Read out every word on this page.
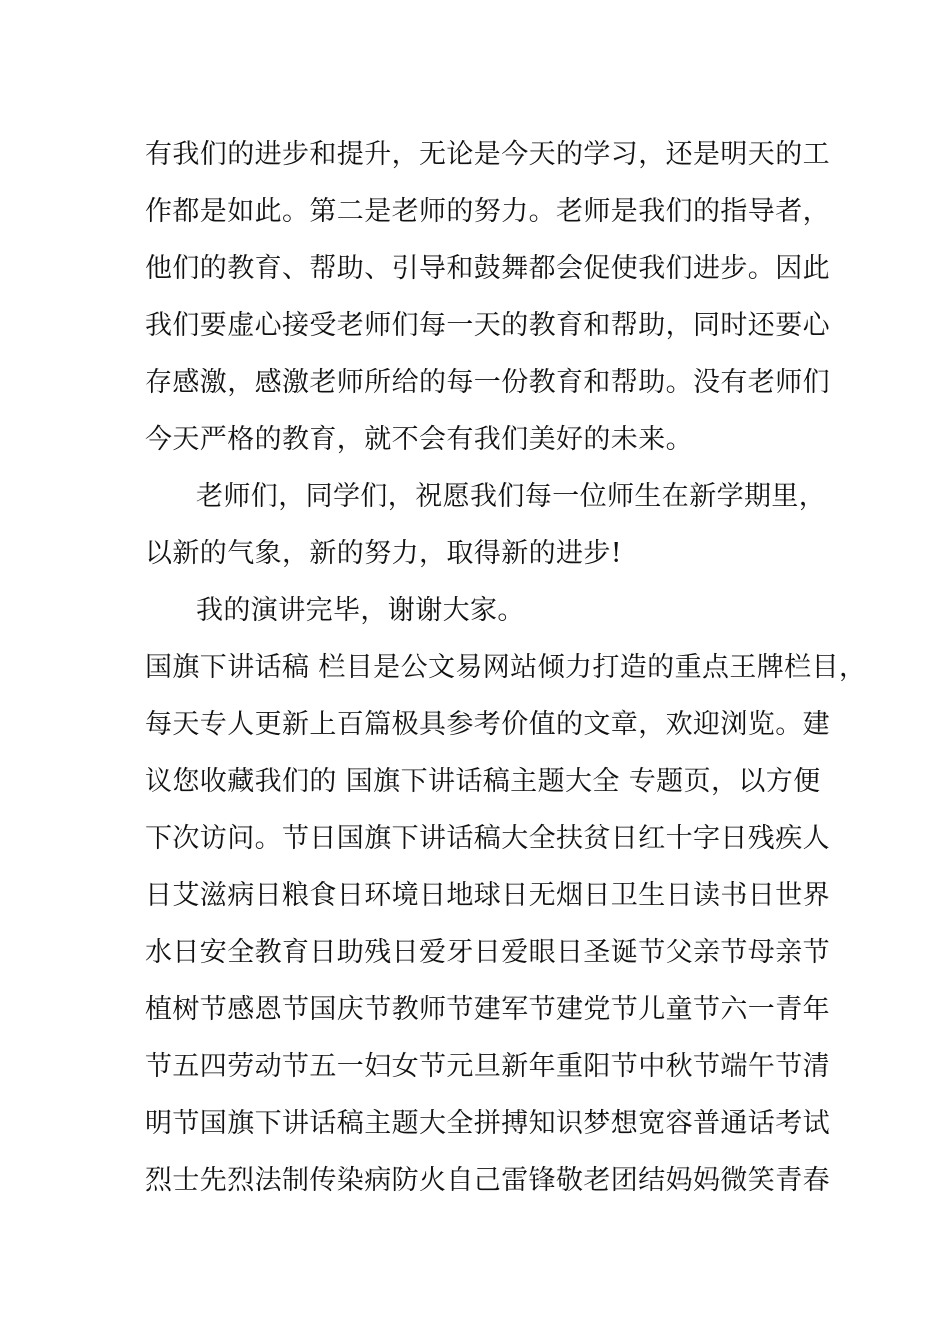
有我们的进步和提升，无论是今天的学习，还是明天的工
作都是如此。第二是老师的努力。老师是我们的指导者，
他们的教育、帮助、引导和鼓舞都会促使我们进步。因此
我们要虚心接受老师们每一天的教育和帮助，同时还要心
存感激，感激老师所给的每一份教育和帮助。没有老师们
今天严格的教育，就不会有我们美好的未来。
老师们，同学们，祝愿我们每一位师生在新学期里，
以新的气象，新的努力，取得新的进步!
我的演讲完毕，谢谢大家。
国旗下讲话稿 栏目是公文易网站倾力打造的重点王牌栏目，
每天专人更新上百篇极具参考价值的文章，欢迎浏览。建
议您收藏我们的 国旗下讲话稿主题大全 专题页，以方便
下次访问。节日国旗下讲话稿大全扶贫日红十字日残疾人
日艾滋病日粮食日环境日地球日无烟日卫生日读书日世界
水日安全教育日助残日爱牙日爱眼日圣诞节父亲节母亲节
植树节感恩节国庆节教师节建军节建党节儿童节六一青年
节五四劳动节五一妇女节元旦新年重阳节中秋节端午节清
明节国旗下讲话稿主题大全拼搏知识梦想宽容普通话考试
烈士先烈法制传染病防火自己雷锋敬老团结妈妈微笑青春
